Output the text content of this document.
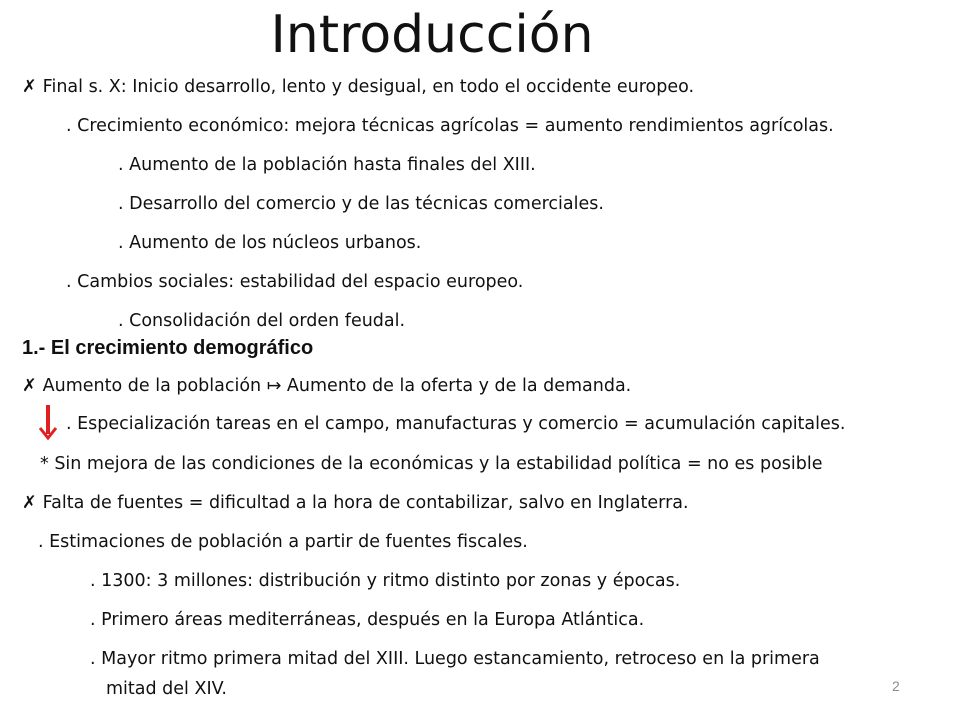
Introducción
✗ Final s. X: Inicio desarrollo, lento y desigual, en todo el occidente europeo.
. Crecimiento económico: mejora técnicas agrícolas = aumento rendimientos agrícolas.
. Aumento de la población hasta finales del XIII.
. Desarrollo del comercio y de las técnicas comerciales.
. Aumento de los núcleos urbanos.
. Cambios sociales: estabilidad del espacio europeo.
. Consolidación del orden feudal.
1.- El crecimiento demográfico
✗ Aumento de la población ↦ Aumento de la oferta y de la demanda.
. Especialización tareas en el campo, manufacturas y comercio = acumulación capitales.
* Sin mejora de las condiciones de la económicas y la estabilidad política = no es posible
✗ Falta de fuentes = dificultad a la hora de contabilizar, salvo en Inglaterra.
. Estimaciones de población a partir de fuentes fiscales.
. 1300: 3 millones: distribución y ritmo distinto por zonas y épocas.
. Primero áreas mediterráneas, después en la Europa Atlántica.
. Mayor ritmo primera mitad del XIII. Luego estancamiento, retroceso en la primera
mitad del XIV.	2
